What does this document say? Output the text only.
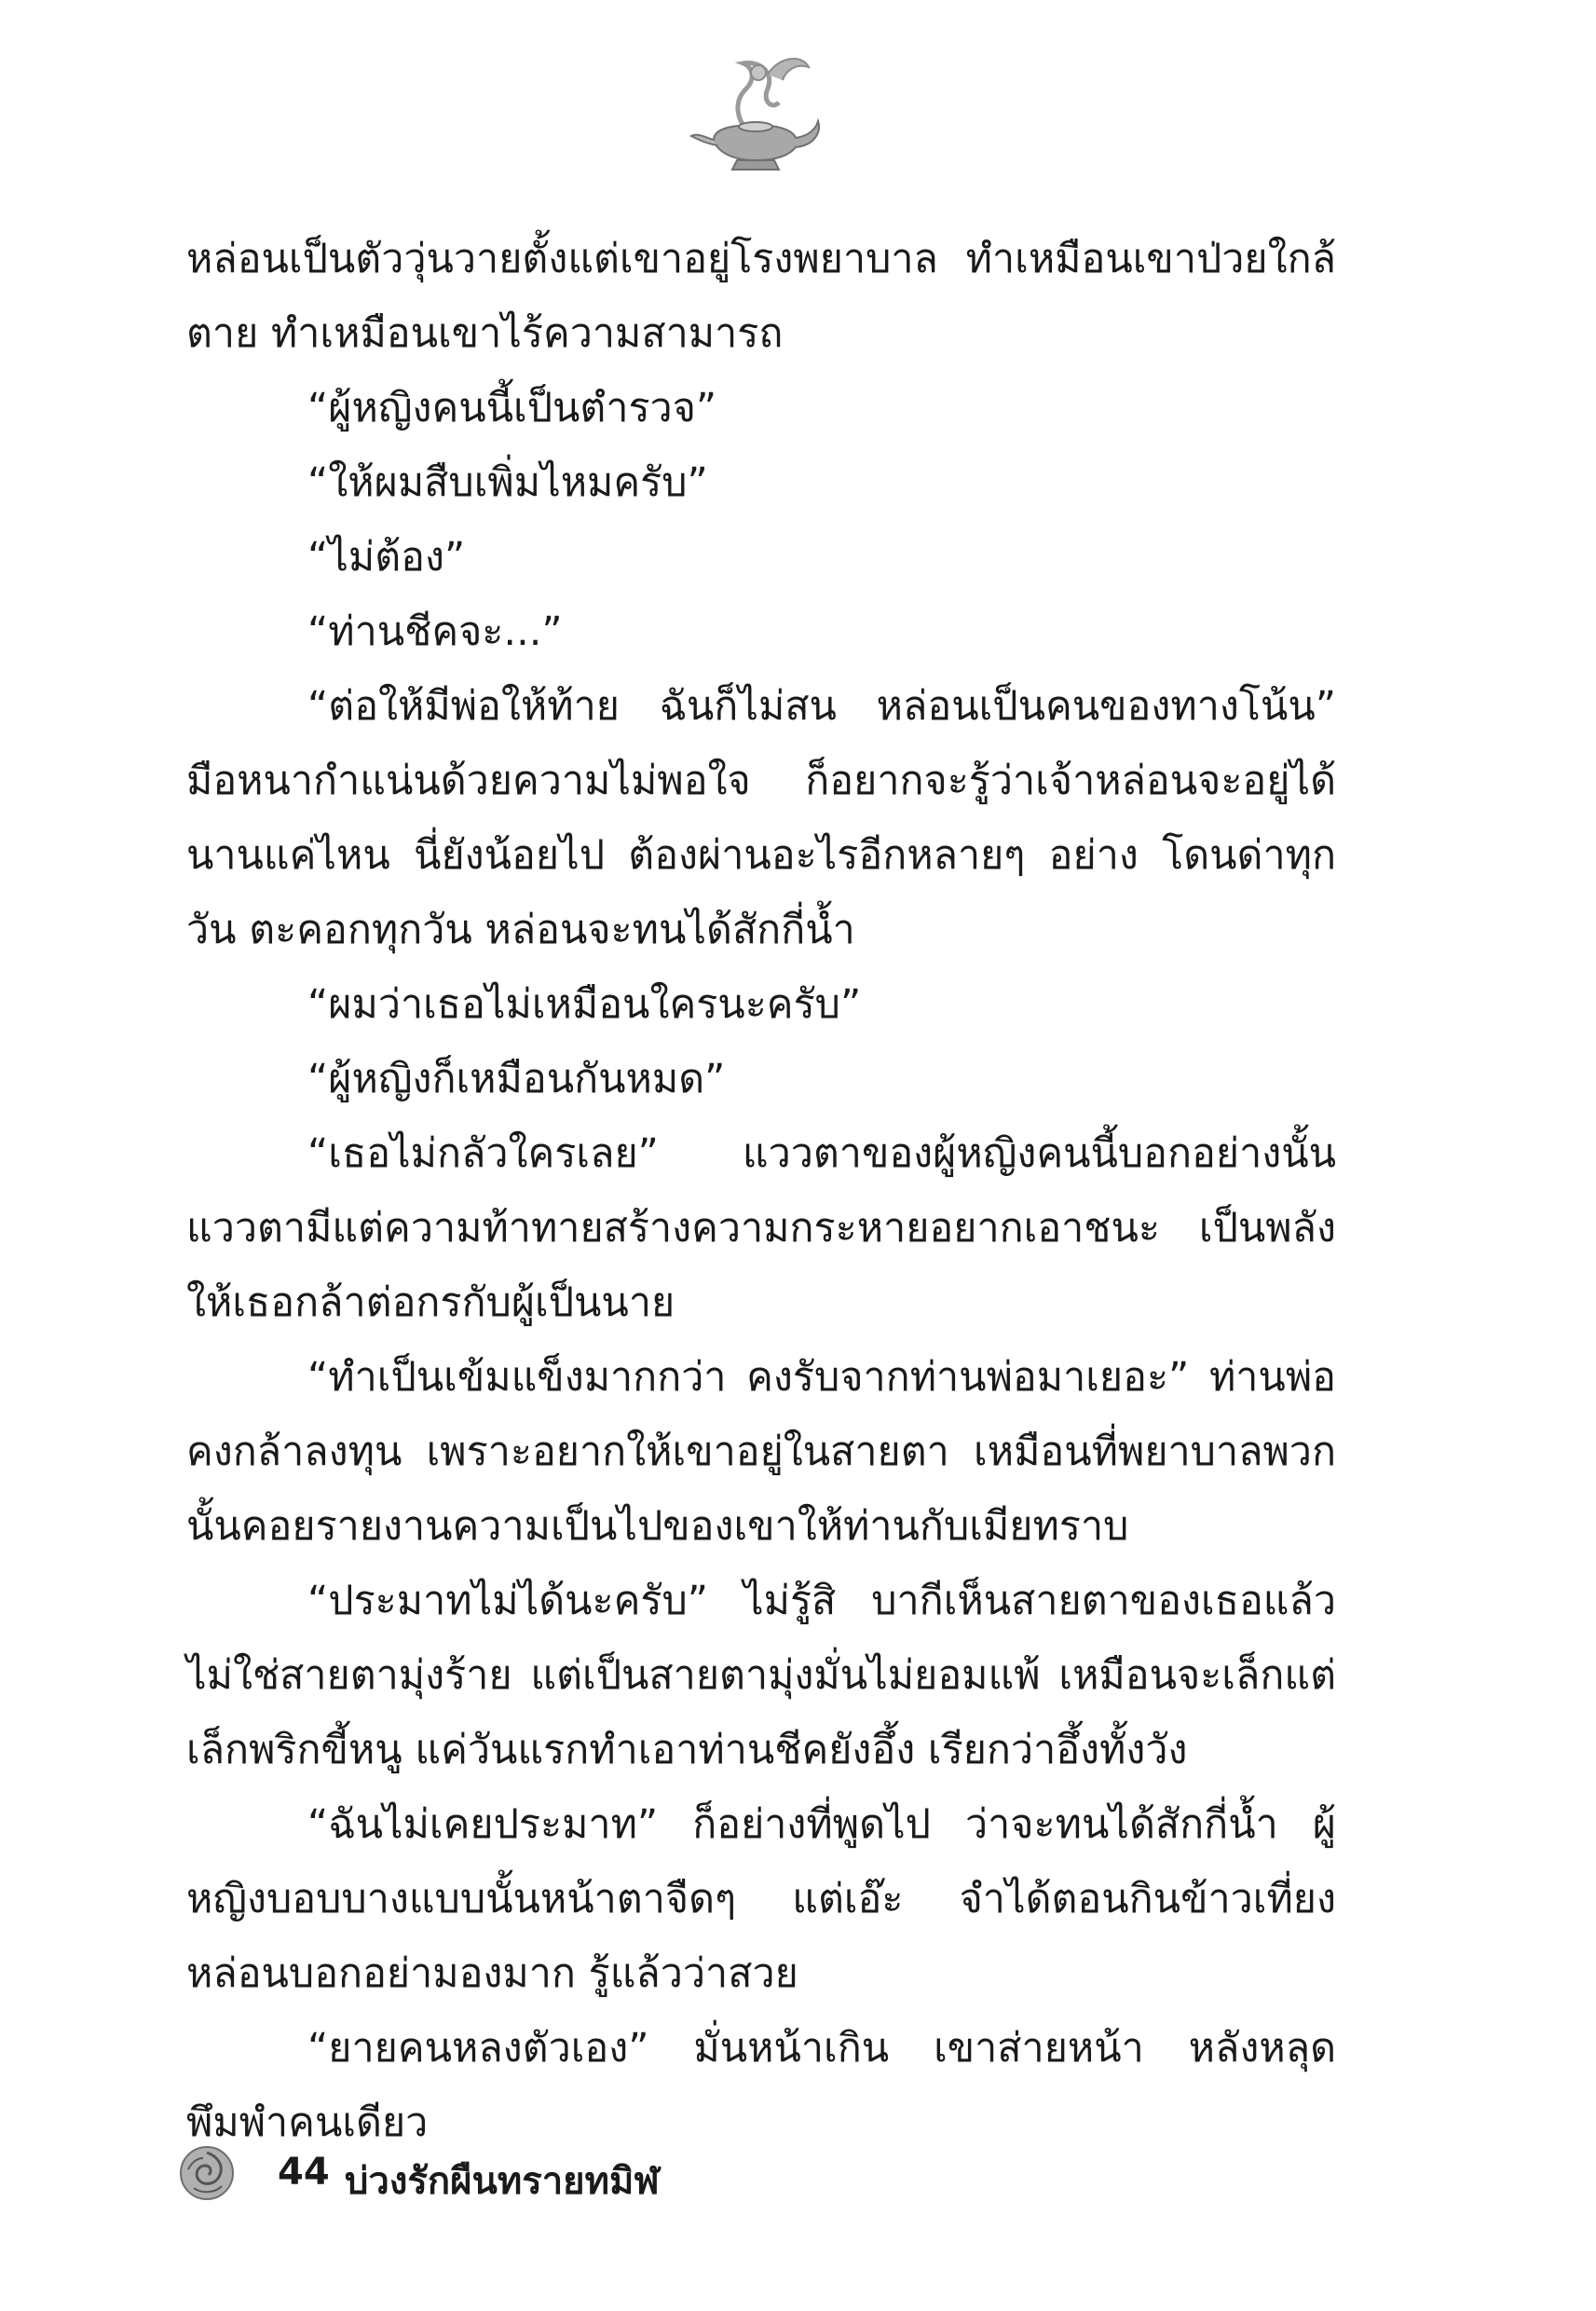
หล่อนเป็นตัววุ่นวายตั้งแต่เขาอยู่โรงพยาบาล ทำเหมือนเขาป่วยใกล้ตาย ทำเหมือนเขาไร้ความสามารถ

“ผู้หญิงคนนี้เป็นตำรวจ”

“ให้ผมสืบเพิ่มไหมครับ”

“ไม่ต้อง”

“ท่านชีคจะ...”

“ต่อให้มีพ่อให้ท้าย ฉันก็ไม่สน หล่อนเป็นคนของทางโน้น” มือหนากำแน่นด้วยความไม่พอใจ ก็อยากจะรู้ว่าเจ้าหล่อนจะอยู่ได้นานแค่ไหน นี่ยังน้อยไป ต้องผ่านอะไรอีกหลายๆ อย่าง โดนด่าทุกวัน ตะคอกทุกวัน หล่อนจะทนได้สักกี่น้ำ

“ผมว่าเธอไม่เหมือนใครนะครับ”

“ผู้หญิงก็เหมือนกันหมด”

“เธอไม่กลัวใครเลย” แววตาของผู้หญิงคนนี้บอกอย่างนั้น แววตามีแต่ความท้าทายสร้างความกระหายอยากเอาชนะ เป็นพลังให้เธอกล้าต่อกรกับผู้เป็นนาย

“ทำเป็นเข้มแข็งมากกว่า คงรับจากท่านพ่อมาเยอะ” ท่านพ่อคงกล้าลงทุน เพราะอยากให้เขาอยู่ในสายตา เหมือนที่พยาบาลพวกนั้นคอยรายงานความเป็นไปของเขาให้ท่านกับเมียทราบ

“ประมาทไม่ได้นะครับ” ไม่รู้สิ บากีเห็นสายตาของเธอแล้ว ไม่ใช่สายตามุ่งร้าย แต่เป็นสายตามุ่งมั่นไม่ยอมแพ้ เหมือนจะเล็กแต่เล็กพริกขี้หนู แค่วันแรกทำเอาท่านชีคยังอึ้ง เรียกว่าอึ้งทั้งวัง

“ฉันไม่เคยประมาท” ก็อย่างที่พูดไป ว่าจะทนได้สักกี่น้ำ ผู้หญิงบอบบางแบบนั้นหน้าตาจืดๆ แต่เอ๊ะ จำได้ตอนกินข้าวเที่ยง หล่อนบอกอย่ามองมาก รู้แล้วว่าสวย

“ยายคนหลงตัวเอง” มั่นหน้าเกิน เขาส่ายหน้า หลังหลุดพึมพำคนเดียว

44 บ่วงรักผืนทรายทมิฬ
